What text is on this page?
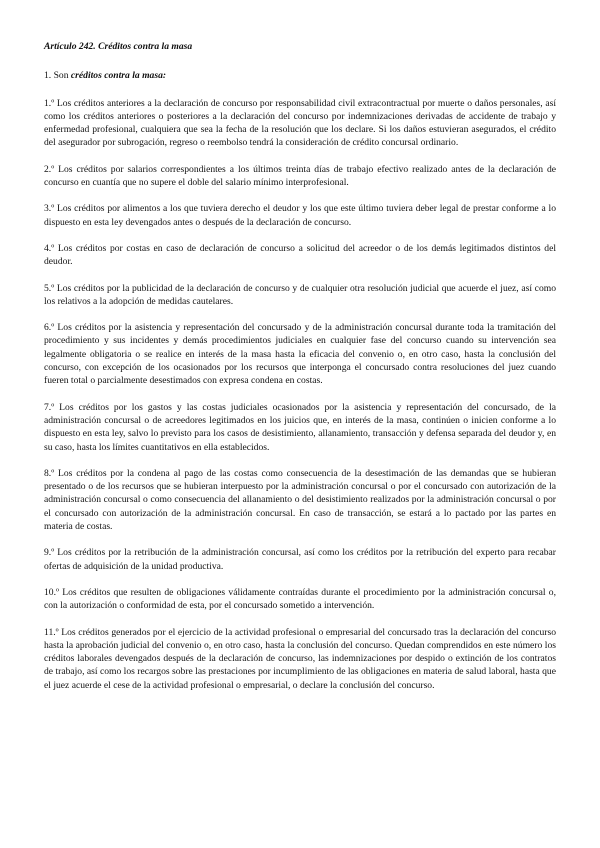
Artículo 242. Créditos contra la masa
1. Son créditos contra la masa:

1.º Los créditos anteriores a la declaración de concurso por responsabilidad civil extracontractual por muerte o daños personales, así como los créditos anteriores o posteriores a la declaración del concurso por indemnizaciones derivadas de accidente de trabajo y enfermedad profesional, cualquiera que sea la fecha de la resolución que los declare. Si los daños estuvieran asegurados, el crédito del asegurador por subrogación, regreso o reembolso tendrá la consideración de crédito concursal ordinario.

2.º Los créditos por salarios correspondientes a los últimos treinta días de trabajo efectivo realizado antes de la declaración de concurso en cuantía que no supere el doble del salario mínimo interprofesional.

3.º Los créditos por alimentos a los que tuviera derecho el deudor y los que este último tuviera deber legal de prestar conforme a lo dispuesto en esta ley devengados antes o después de la declaración de concurso.

4.º Los créditos por costas en caso de declaración de concurso a solicitud del acreedor o de los demás legitimados distintos del deudor.

5.º Los créditos por la publicidad de la declaración de concurso y de cualquier otra resolución judicial que acuerde el juez, así como los relativos a la adopción de medidas cautelares.

6.º Los créditos por la asistencia y representación del concursado y de la administración concursal durante toda la tramitación del procedimiento y sus incidentes y demás procedimientos judiciales en cualquier fase del concurso cuando su intervención sea legalmente obligatoria o se realice en interés de la masa hasta la eficacia del convenio o, en otro caso, hasta la conclusión del concurso, con excepción de los ocasionados por los recursos que interponga el concursado contra resoluciones del juez cuando fueren total o parcialmente desestimados con expresa condena en costas.

7.º Los créditos por los gastos y las costas judiciales ocasionados por la asistencia y representación del concursado, de la administración concursal o de acreedores legitimados en los juicios que, en interés de la masa, continúen o inicien conforme a lo dispuesto en esta ley, salvo lo previsto para los casos de desistimiento, allanamiento, transacción y defensa separada del deudor y, en su caso, hasta los límites cuantitativos en ella establecidos.

8.º Los créditos por la condena al pago de las costas como consecuencia de la desestimación de las demandas que se hubieran presentado o de los recursos que se hubieran interpuesto por la administración concursal o por el concursado con autorización de la administración concursal o como consecuencia del allanamiento o del desistimiento realizados por la administración concursal o por el concursado con autorización de la administración concursal. En caso de transacción, se estará a lo pactado por las partes en materia de costas.

9.º Los créditos por la retribución de la administración concursal, así como los créditos por la retribución del experto para recabar ofertas de adquisición de la unidad productiva.

10.º Los créditos que resulten de obligaciones válidamente contraídas durante el procedimiento por la administración concursal o, con la autorización o conformidad de esta, por el concursado sometido a intervención.

11.º Los créditos generados por el ejercicio de la actividad profesional o empresarial del concursado tras la declaración del concurso hasta la aprobación judicial del convenio o, en otro caso, hasta la conclusión del concurso. Quedan comprendidos en este número los créditos laborales devengados después de la declaración de concurso, las indemnizaciones por despido o extinción de los contratos de trabajo, así como los recargos sobre las prestaciones por incumplimiento de las obligaciones en materia de salud laboral, hasta que el juez acuerde el cese de la actividad profesional o empresarial, o declare la conclusión del concurso.
